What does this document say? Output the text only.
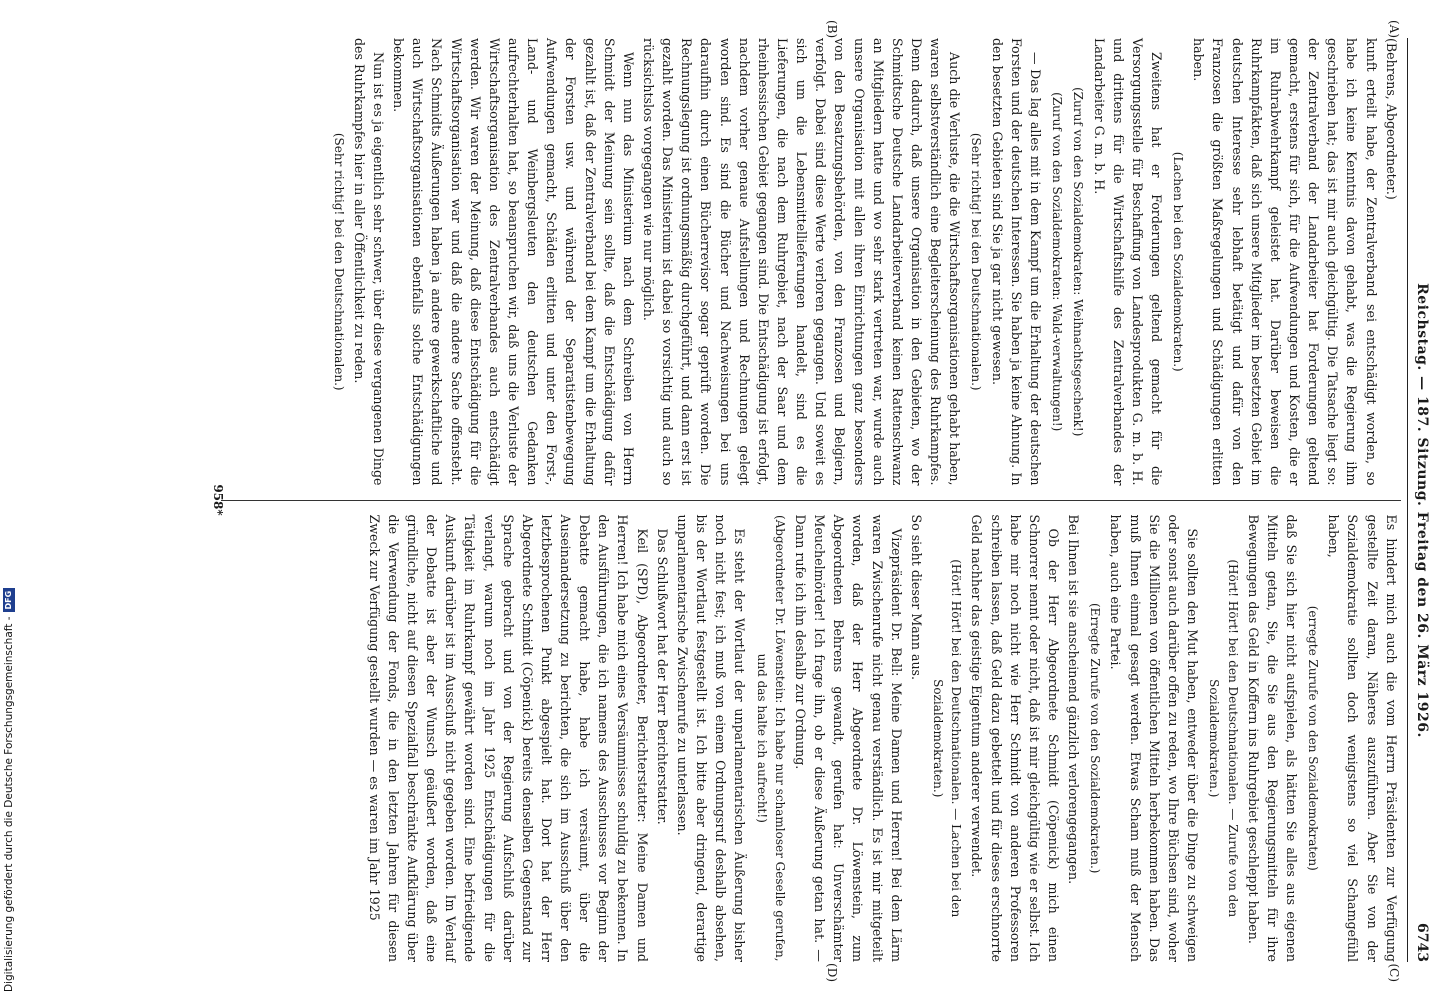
Reichstag. — 187. Sitzung. Freitag den 26. März 1926.
6743
(A)
(B)

(Behrens, Abgeordneter.)

kunft erteilt habe, der Zentralverband sei entschädigt worden, so habe ich keine Kenntnis davon gehabt, was die Regierung ihm geschrieben hat; das ist mir auch gleichgültig. Die Tatsache liegt so: der Zentralverband der Landarbeiter hat Forderungen geltend gemacht, erstens für sich, für die Aufwendungen und Kosten, die er im Ruhrabwehrkampf geleistet hat. Darüber beweisen die Ruhrkampfakten, daß sich unsere Mitglieder im besetzten Gebiet im deutschen Interesse sehr lebhaft betätigt und dafür von den Franzosen die größten Maßregelungen und Schädigungen erlitten haben.

(Lachen bei den Sozialdemokraten.)

Zweitens hat er Forderungen geltend gemacht für die Versorgungsstelle für Beschaffung von Landesprodukten G. m. b. H. und drittens für die Wirtschaftshilfe des Zentralverbandes der Landarbeiter G. m. b. H.

(Zuruf von den Sozialdemokraten: Weihnachtsgeschenk!)
(Zuruf von den Sozialdemokraten: Wald-verwaltungen!)

— Das lag alles mit in dem Kampf um die Erhaltung der deutschen Forsten und der deutschen Interessen. Sie haben ja keine Ahnung. In den besetzten Gebieten sind Sie ja gar nicht gewesen.

(Sehr richtig! bei den Deutschnationalen.)

Auch die Verluste, die die Wirtschaftsorganisationen gehabt haben, waren selbstverständlich eine Begleiterscheinung des Ruhrkampfes. Denn dadurch, daß unsere Organisation in den Gebieten, wo der Schmidtsche Deutsche Landarbeiterverband keinen Rattenschwanz an Mitgliedern hatte und wo sehr stark vertreten war, wurde auch unsere Organisation mit allen ihren Einrichtungen ganz besonders von den Besatzungsbehörden, von den Franzosen und Belgiern, verfolgt. Dabei sind diese Werte verloren gegangen. Und soweit es sich um die Lebensmittellieferungen handelt, sind es die Lieferungen, die nach dem Ruhrgebiet, nach der Saar und dem rheinhessischen Gebiet gegangen sind. Die Entschädigung ist erfolgt, nachdem vorher genaue Aufstellungen und Rechnungen gelegt worden sind. Es sind die Bücher und Nachweisungen bei uns daraufhin durch einen Bücherrevisor sogar geprüft worden. Die Rechnungslegung ist ordnungsmäßig durchgeführt, und dann erst ist gezahlt worden. Das Ministerium ist dabei so vorsichtig und auch so rücksichtslos vorgegangen wie nur möglich.

Wenn nun das Ministerium nach dem Schreiben von Herrn Schmidt der Meinung sein sollte, daß die Entschädigung dafür gezahlt ist, daß der Zentralverband bei dem Kampf um die Erhaltung der Forsten usw. und während der Separatistenbewegung Aufwendungen gemacht, Schäden erlitten und unter den Forst-, Land- und Weinbergsleuten den deutschen Gedanken aufrechterhalten hat, so beanspruchen wir, daß uns die Verluste der Wirtschaftsorganisation des Zentralverbandes auch entschädigt werden. Wir waren der Meinung, daß diese Entschädigung für die Wirtschaftsorganisation war und daß die andere Sache offensteht. Nach Schmidts Äußerungen haben ja andere gewerkschaftliche und auch Wirtschaftsorganisationen ebenfalls solche Entschädigungen bekommen.

Nun ist es ja eigentlich sehr schwer, über diese vergangenen Dinge des Ruhrkampfes hier in aller Öffentlichkeit zu reden.

(Sehr richtig! bei den Deutschnationalen.)

Es hindert mich auch die vom Herrn Präsidenten zur Verfügung gestellte Zeit daran, Näheres auszuführen. Aber Sie von der Sozialdemokratie sollten doch wenigstens so viel Schamgefühl haben,

(erregte Zurufe von den Sozialdemokraten)

daß Sie sich hier nicht aufspielen, als hätten Sie alles aus eigenen Mitteln getan, Sie, die Sie aus den Regierungsmitteln für ihre Bewegungen das Geld in Koffern ins Ruhrgebiet geschleppt haben.

(Hört! Hört! bei den Deutschnationalen. — Zurufe von den Sozialdemokraten.)

Sie sollten den Mut haben, entweder über die Dinge zu schweigen oder sonst auch darüber offen zu reden, wo Ihre Büchsen sind, woher Sie die Millionen von öffentlichen Mitteln herbekommen haben. Das muß Ihnen einmal gesagt werden. Etwas Scham muß der Mensch haben, auch eine Partei.

(Erregte Zurufe von den Sozialdemokraten.)

Bei Ihnen ist sie anscheinend gänzlich verlorengegangen.

Ob der Herr Abgeordnete Schmidt (Cöpenick) mich einen Schnorrer nennt oder nicht, daß ist mir gleichgültig wie er selbst. Ich habe mir noch nicht wie Herr Schmidt von anderen Professoren schreiben lassen, daß Geld dazu gebettelt und für dieses erschnorrte Geld nachher das geistige Eigentum anderer verwendet.

(Hört! Hört! bei den Deutschnationalen. — Lachen bei den Sozialdemokraten.)

So sieht dieser Mann aus.

Vizepräsident Dr. Bell: Meine Damen und Herren! Bei dem Lärm waren Zwischenrufe nicht genau verständlich. Es ist mir mitgeteilt worden, daß der Herr Abgeordnete Dr. Löwenstein, zum Abgeordneten Behrens gewandt, gerufen hat: Unverschämter Meuchelmörder! Ich frage ihn, ob er diese Äußerung getan hat. — Dann rufe ich ihn deshalb zur Ordnung.

(Abgeordneter Dr. Löwenstein: Ich habe nur schamloser Geselle gerufen, und das halte ich aufrecht!)

Es steht der Wortlaut der unparlamentarischen Äußerung bisher noch nicht fest; ich muß von einem Ordnungsruf deshalb absehen, bis der Wortlaut festgestellt ist. Ich bitte aber dringend, derartige unparlamentarische Zwischenrufe zu unterlassen.

Das Schlußwort hat der Herr Berichterstatter.

Keil (SPD), Abgeordneter, Berichterstatter: Meine Damen und Herren! Ich habe mich eines Versäumnisses schuldig zu bekennen. In den Ausführungen, die ich namens des Ausschusses vor Beginn der Debatte gemacht habe, habe ich versäumt, über die Auseinandersetzung zu berichten, die sich im Ausschuß über den letztbesprochenen Punkt abgespielt hat. Dort hat der Herr Abgeordnete Schmidt (Cöpenick) bereits denselben Gegenstand zur Sprache gebracht und von der Regierung Aufschluß darüber verlangt, warum noch im Jahr 1925 Entschädigungen für die Tätigkeit im Ruhrkampf gewährt worden sind. Eine befriedigende Auskunft darüber ist im Ausschuß nicht gegeben worden. Im Verlauf der Debatte ist aber der Wunsch geäußert worden, daß eine gründliche, nicht auf diesen Spezialfall beschränkte Aufklärung über die Verwendung der Fonds, die in den letzten Jahren für diesen Zweck zur Verfügung gestellt wurden — es waren im Jahr 1925

(C)
(D)
958*
Digitalisierung gefördert durch die Deutsche Forschungsgemeinschaft -
DFG
